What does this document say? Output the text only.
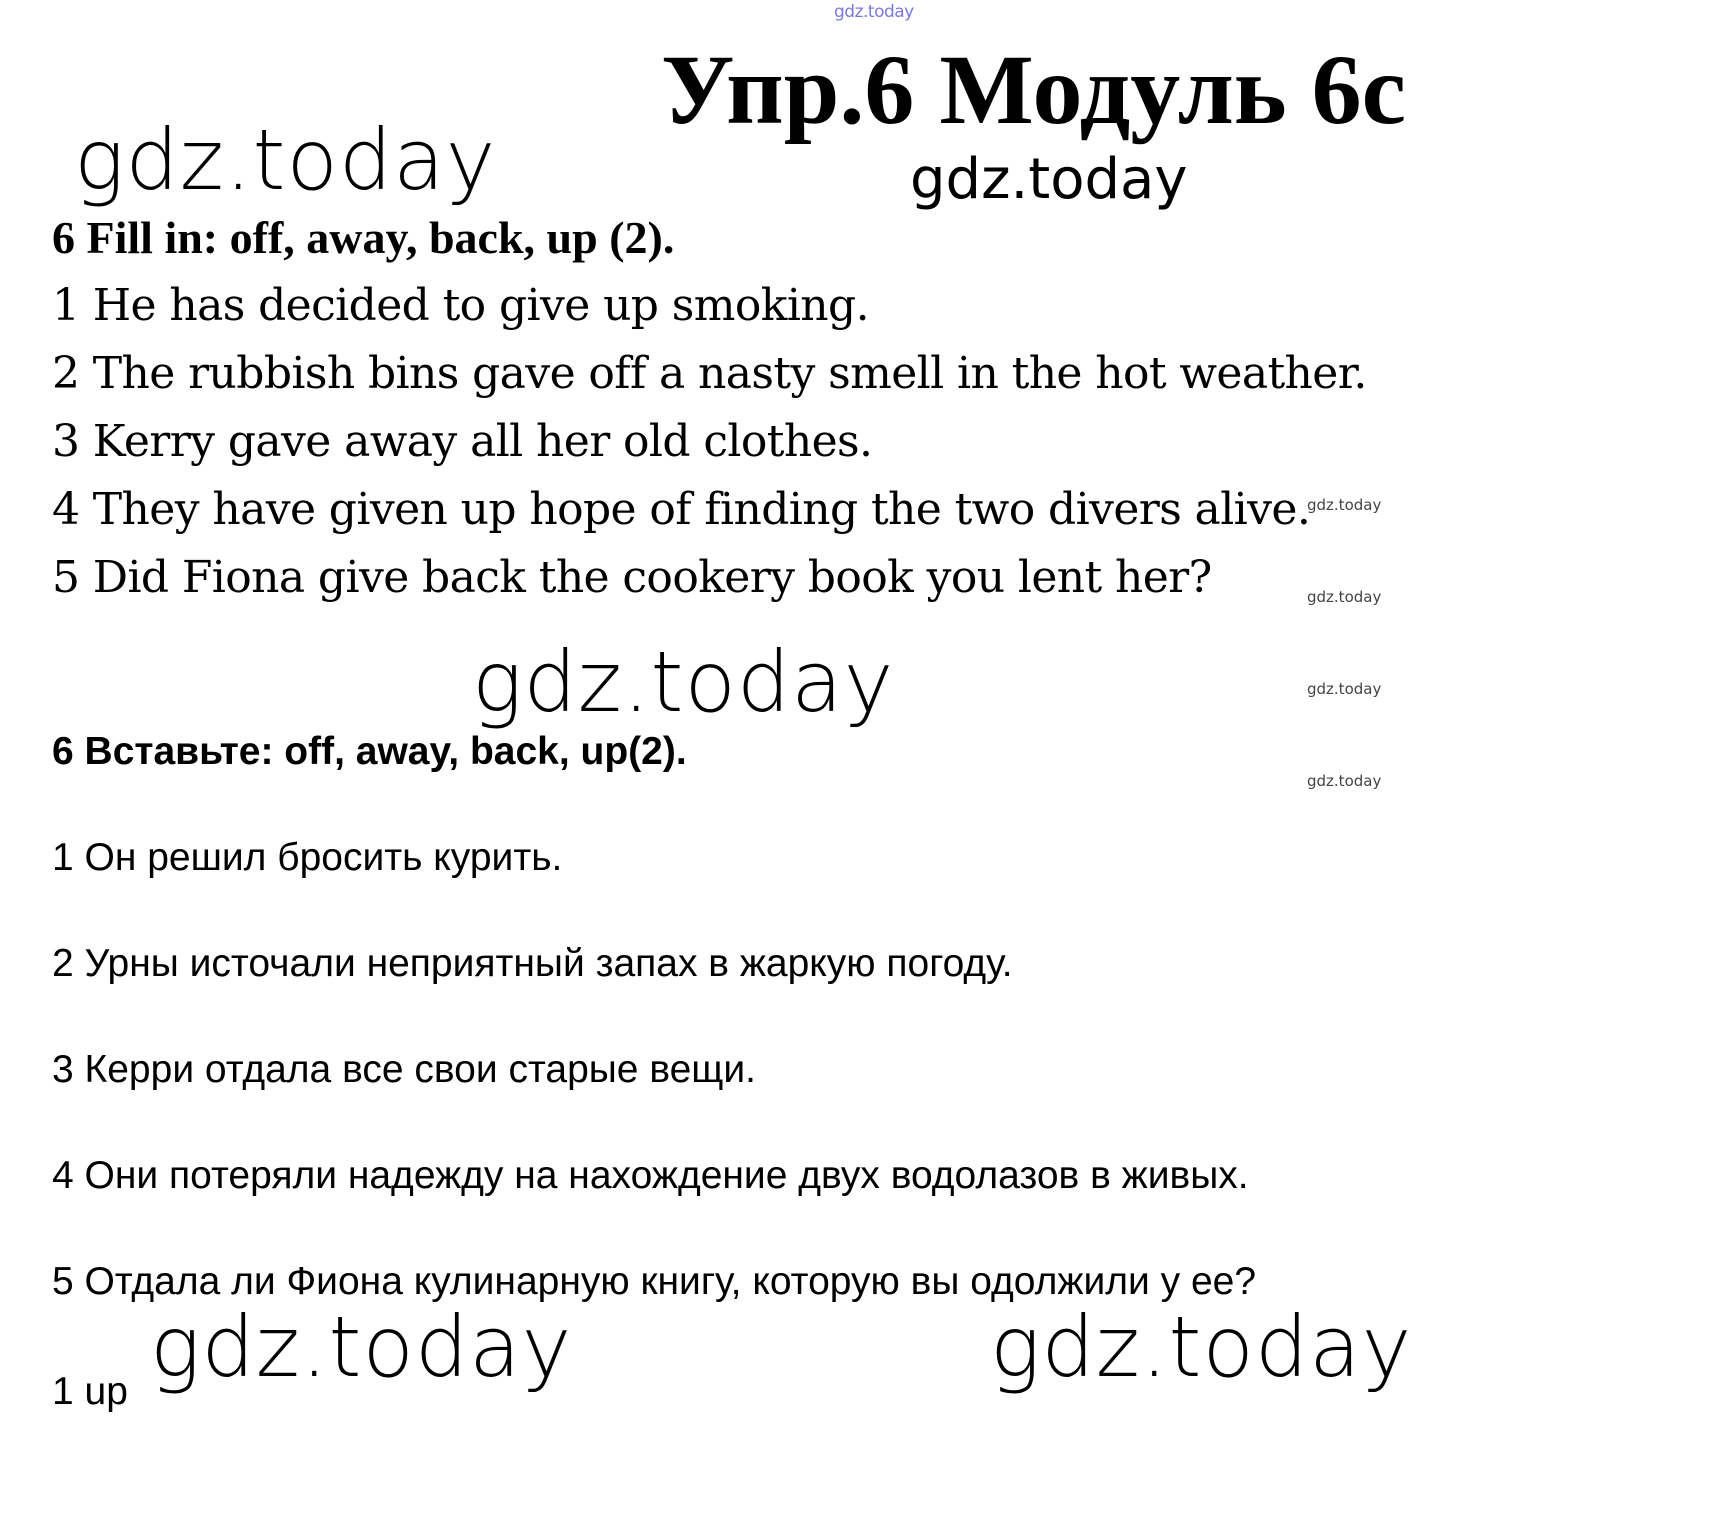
gdz.today
Упр.6 Модуль 6с
gdz.today	gdz.today
6 Fill in: off, away, back, up (2).
1 He has decided to give up smoking.
2 The rubbish bins gave off a nasty smell in the hot weather.
3 Kerry gave away all her old clothes.
4 They have given up hope of finding the two divers alive.
5 Did Fiona give back the cookery book you lent her?
gdz.today
gdz.today
gdz.today
gdz.today
gdz.today
6 Вставьте: off, away, back, up(2).
1 Он решил бросить курить.
2 Урны источали неприятный запах в жаркую погоду.
3 Керри отдала все свои старые вещи.
4 Они потеряли надежду на нахождение двух водолазов в живых.
5 Отдала ли Фиона кулинарную книгу, которую вы одолжили у ее?
gdz.today	gdz.today
1 up
